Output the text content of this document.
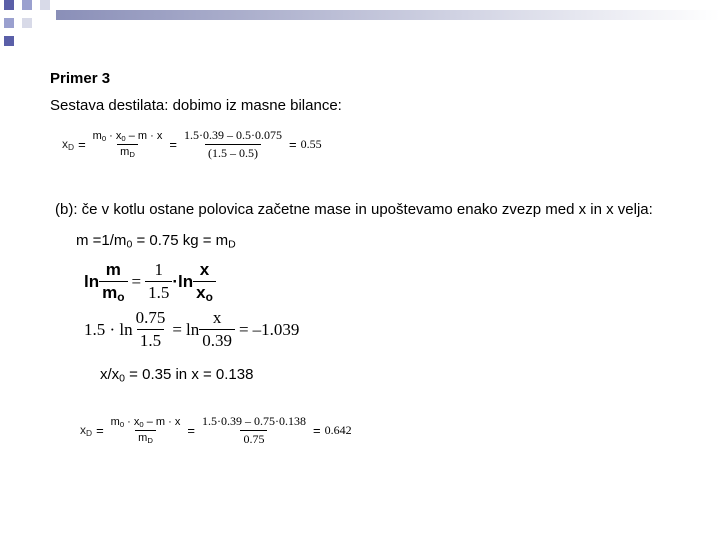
Primer 3
Sestava destilata: dobimo iz masne bilance:
$x_D = \frac{m_0 \cdot x_0 - m \cdot x}{m_D} = \frac{1.5\cdot 0.39 - 0.5\cdot 0.075}{(1.5 - 0.5)} = 0.55$
(b): če v kotlu ostane polovica začetne mase in upoštevamo enako zvezp med x in x velja:
$m =1/m_0 = 0.75$ kg = $m_D$
$\ln \frac{m}{m_o} = \frac{1}{1.5} \cdot\ln \frac{x}{x_o}$
$1.5 \cdot \ln \frac{0.75}{1.5} = \ln \frac{x}{0.39} = -1.039$
$x/x_0 = 0.35$ in x = 0.138
$x_D = \frac{m_0 \cdot x_0 - m \cdot x}{m_D} = \frac{1.5\cdot 0.39 - 0.75\cdot 0.138}{0.75} = 0.642$
